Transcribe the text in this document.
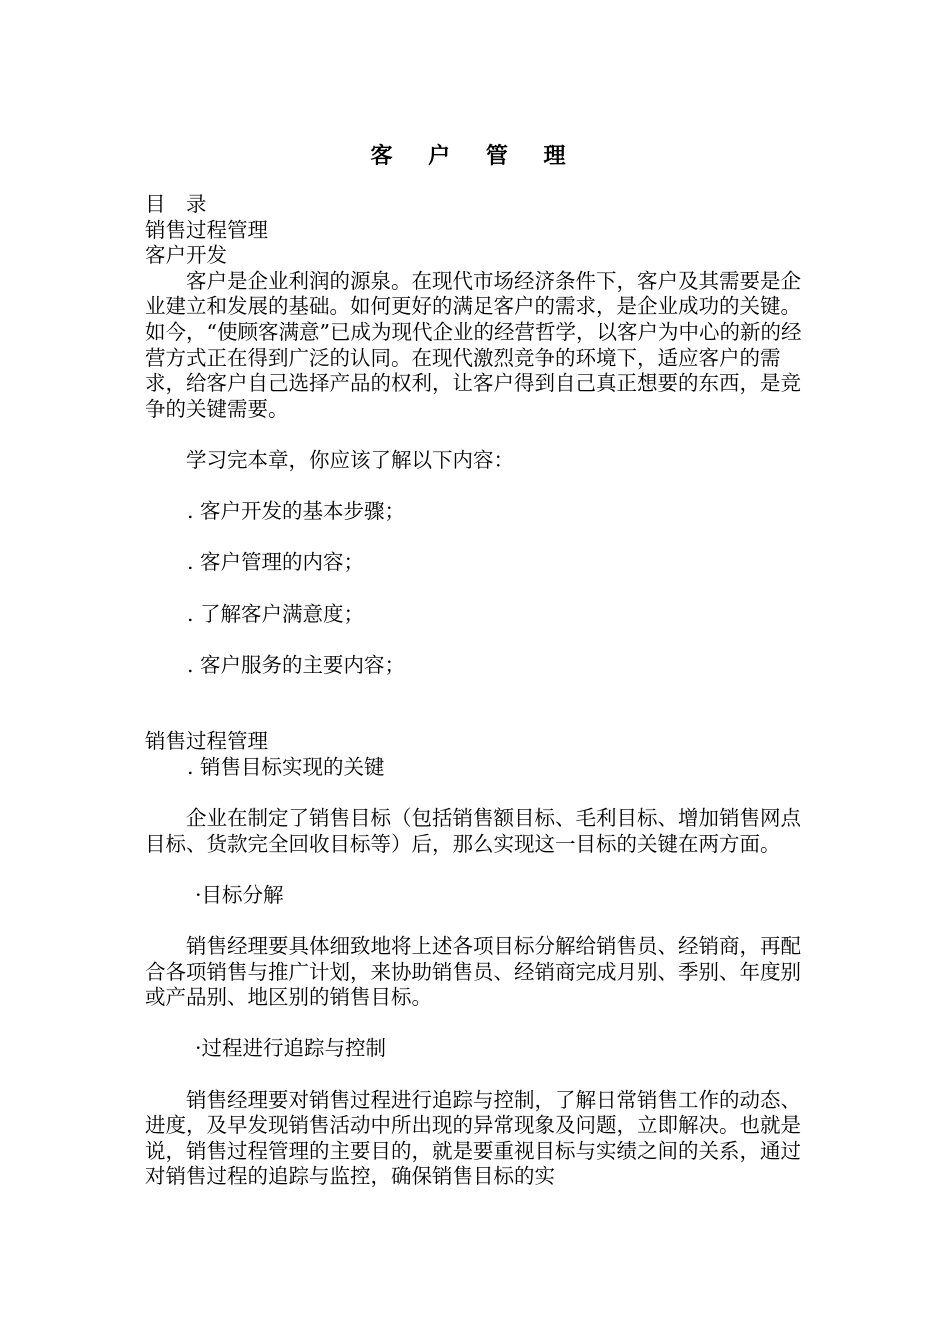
客 户 管 理

目　录

销售过程管理

客户开发

客户是企业利润的源泉。在现代市场经济条件下，客户及其需要是企业建立和发展的基础。如何更好的满足客户的需求，是企业成功的关键。如今，“使顾客满意”已成为现代企业的经营哲学，以客户为中心的新的经营方式正在得到广泛的认同。在现代激烈竞争的环境下，适应客户的需求，给客户自己选择产品的权利，让客户得到自己真正想要的东西，是竞争的关键需要。

学习完本章，你应该了解以下内容：

. 客户开发的基本步骤；

. 客户管理的内容；

. 了解客户满意度；

. 客户服务的主要内容；

销售过程管理

. 销售目标实现的关键

企业在制定了销售目标（包括销售额目标、毛利目标、增加销售网点目标、货款完全回收目标等）后，那么实现这一目标的关键在两方面。

·目标分解

销售经理要具体细致地将上述各项目标分解给销售员、经销商，再配合各项销售与推广计划，来协助销售员、经销商完成月别、季别、年度别或产品别、地区别的销售目标。

·过程进行追踪与控制

销售经理要对销售过程进行追踪与控制，了解日常销售工作的动态、进度，及早发现销售活动中所出现的异常现象及问题，立即解决。也就是说，销售过程管理的主要目的，就是要重视目标与实绩之间的关系，通过对销售过程的追踪与监控，确保销售目标的实
